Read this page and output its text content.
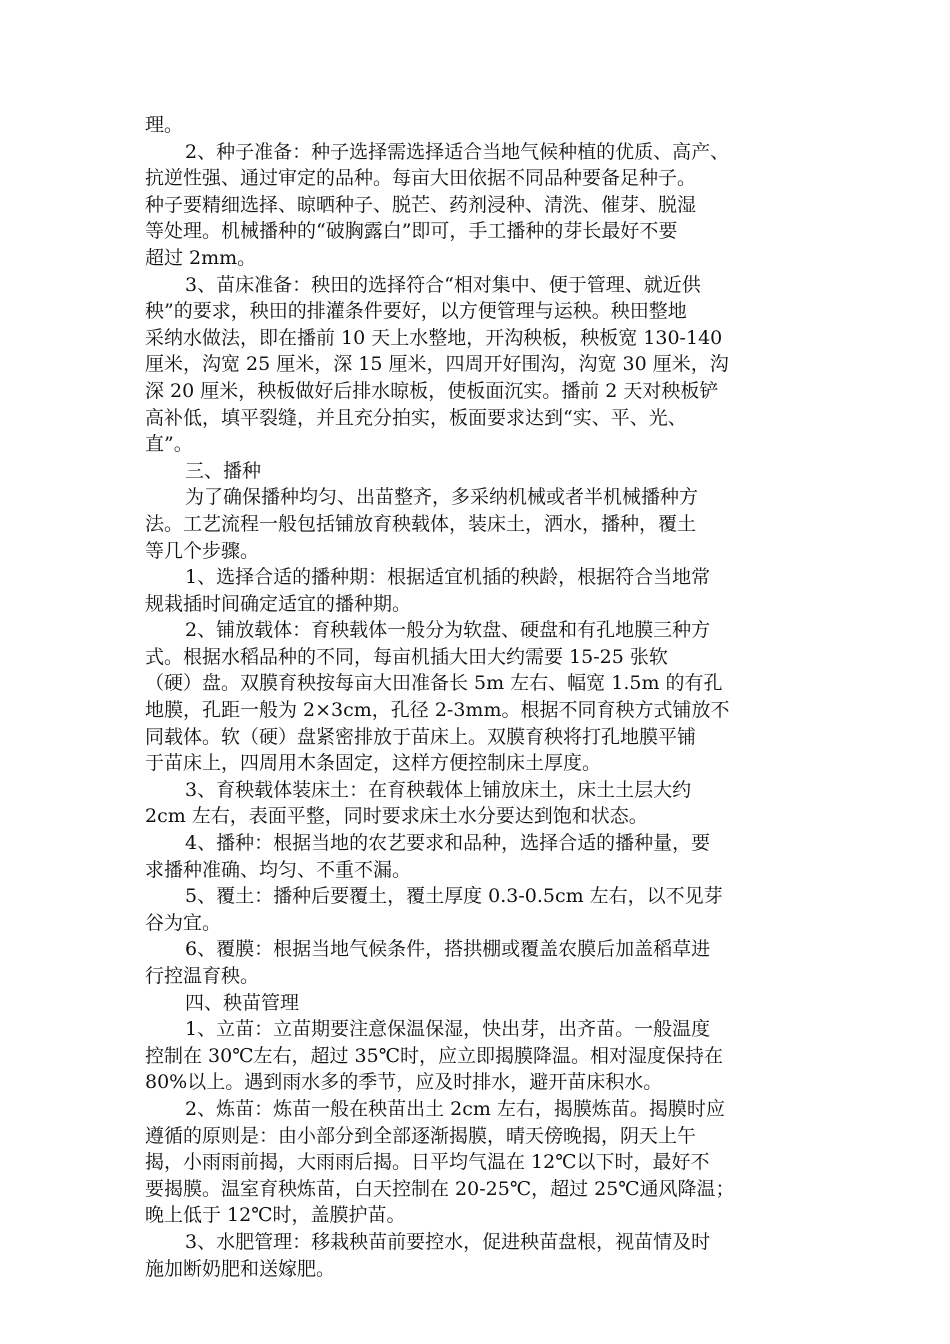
理。
2、种子准备：种子选择需选择适合当地气候种植的优质、高产、
抗逆性强、通过审定的品种。每亩大田依据不同品种要备足种子。
种子要精细选择、晾晒种子、脱芒、药剂浸种、清洗、催芽、脱湿
等处理。机械播种的“破胸露白”即可，手工播种的芽长最好不要
超过 2mm。
3、苗床准备：秧田的选择符合“相对集中、便于管理、就近供
秧”的要求，秧田的排灌条件要好，以方便管理与运秧。秧田整地
采纳水做法，即在播前 10 天上水整地，开沟秧板，秧板宽 130-140
厘米，沟宽 25 厘米，深 15 厘米，四周开好围沟，沟宽 30 厘米，沟
深 20 厘米，秧板做好后排水晾板，使板面沉实。播前 2 天对秧板铲
高补低，填平裂缝，并且充分拍实，板面要求达到“实、平、光、
直”。
三、播种
为了确保播种均匀、出苗整齐，多采纳机械或者半机械播种方
法。工艺流程一般包括铺放育秧载体，装床土，洒水，播种，覆土
等几个步骤。
1、选择合适的播种期：根据适宜机插的秧龄，根据符合当地常
规栽插时间确定适宜的播种期。
2、铺放载体：育秧载体一般分为软盘、硬盘和有孔地膜三种方
式。根据水稻品种的不同，每亩机插大田大约需要 15-25 张软
（硬）盘。双膜育秧按每亩大田准备长 5m 左右、幅宽 1.5m 的有孔
地膜，孔距一般为 2×3cm，孔径 2-3mm。根据不同育秧方式铺放不
同载体。软（硬）盘紧密排放于苗床上。双膜育秧将打孔地膜平铺
于苗床上，四周用木条固定，这样方便控制床土厚度。
3、育秧载体装床土：在育秧载体上铺放床土，床土土层大约
2cm 左右，表面平整，同时要求床土水分要达到饱和状态。
4、播种：根据当地的农艺要求和品种，选择合适的播种量，要
求播种准确、均匀、不重不漏。
5、覆土：播种后要覆土，覆土厚度 0.3-0.5cm 左右，以不见芽
谷为宜。
6、覆膜：根据当地气候条件，搭拱棚或覆盖农膜后加盖稻草进
行控温育秧。
四、秧苗管理
1、立苗：立苗期要注意保温保湿，快出芽，出齐苗。一般温度
控制在 30℃左右，超过 35℃时，应立即揭膜降温。相对湿度保持在
80%以上。遇到雨水多的季节，应及时排水，避开苗床积水。
2、炼苗：炼苗一般在秧苗出土 2cm 左右，揭膜炼苗。揭膜时应
遵循的原则是：由小部分到全部逐渐揭膜，晴天傍晚揭，阴天上午
揭，小雨雨前揭，大雨雨后揭。日平均气温在 12℃以下时，最好不
要揭膜。温室育秧炼苗，白天控制在 20-25℃，超过 25℃通风降温；
晚上低于 12℃时，盖膜护苗。
3、水肥管理：移栽秧苗前要控水，促进秧苗盘根，视苗情及时
施加断奶肥和送嫁肥。
